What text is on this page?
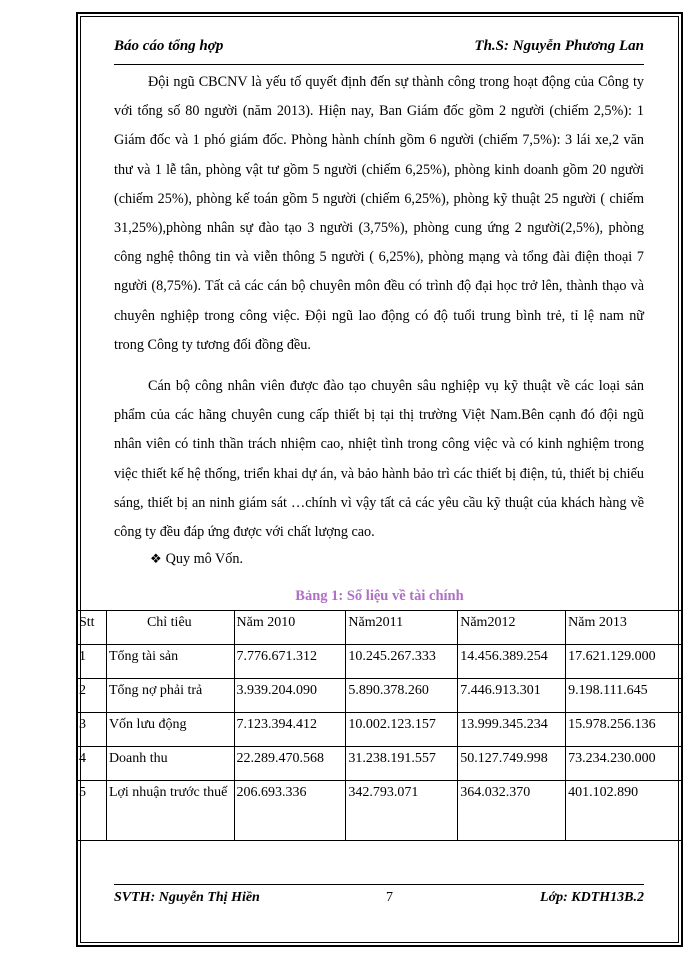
Báo cáo tổng hợp	Th.S: Nguyễn Phương Lan

Đội ngũ CBCNV là yếu tố quyết định đến sự thành công trong hoạt động của Công ty với tổng số 80 người (năm 2013). Hiện nay, Ban Giám đốc gồm 2 người (chiếm 2,5%): 1 Giám đốc và 1 phó giám đốc. Phòng hành chính gồm 6 người (chiếm 7,5%): 3 lái xe,2 văn thư và 1 lễ tân, phòng vật tư gồm 5 người (chiếm 6,25%), phòng kinh doanh gồm 20 người (chiếm 25%), phòng kế toán gồm 5 người (chiếm 6,25%), phòng kỹ thuật 25 người ( chiếm 31,25%),phòng nhân sự đào tạo 3 người (3,75%), phòng cung ứng 2 người(2,5%), phòng công nghệ thông tin và viễn thông 5 người ( 6,25%), phòng mạng và tổng đài điện thoại 7 người (8,75%). Tất cả các cán bộ chuyên môn đều có trình độ đại học trở lên, thành thạo và chuyên nghiệp trong công việc. Đội ngũ lao động có độ tuổi trung bình trẻ, tỉ lệ nam nữ trong Công ty tương đối đồng đều.

Cán bộ công nhân viên được đào tạo chuyên sâu nghiệp vụ kỹ thuật về các loại sản phẩm của các hãng chuyên cung cấp thiết bị tại thị trường Việt Nam.Bên cạnh đó đội ngũ nhân viên có tinh thần trách nhiệm cao, nhiệt tình trong công việc và có kinh nghiệm trong việc thiết kế hệ thống, triển khai dự án, và bảo hành bảo trì các thiết bị điện, tủ, thiết bị chiếu sáng, thiết bị an ninh giám sát …chính vì vậy tất cả các yêu cầu kỹ thuật của khách hàng về công ty đều đáp ứng được với chất lượng cao.

❖ Quy mô Vốn.
Bảng 1: Số liệu về tài chính
Stt	Chỉ tiêu	Năm 2010	Năm2011	Năm2012	Năm 2013
1	Tổng tài sản	7.776.671.312	10.245.267.333	14.456.389.254	17.621.129.000
2	Tổng nợ phải trả	3.939.204.090	5.890.378.260	7.446.913.301	9.198.111.645
3	Vốn lưu động	7.123.394.412	10.002.123.157	13.999.345.234	15.978.256.136
4	Doanh thu	22.289.470.568	31.238.191.557	50.127.749.998	73.234.230.000
5	Lợi nhuận trước thuế	206.693.336	342.793.071	364.032.370	401.102.890
SVTH: Nguyễn Thị Hiền	7	Lớp: KDTH13B.2
